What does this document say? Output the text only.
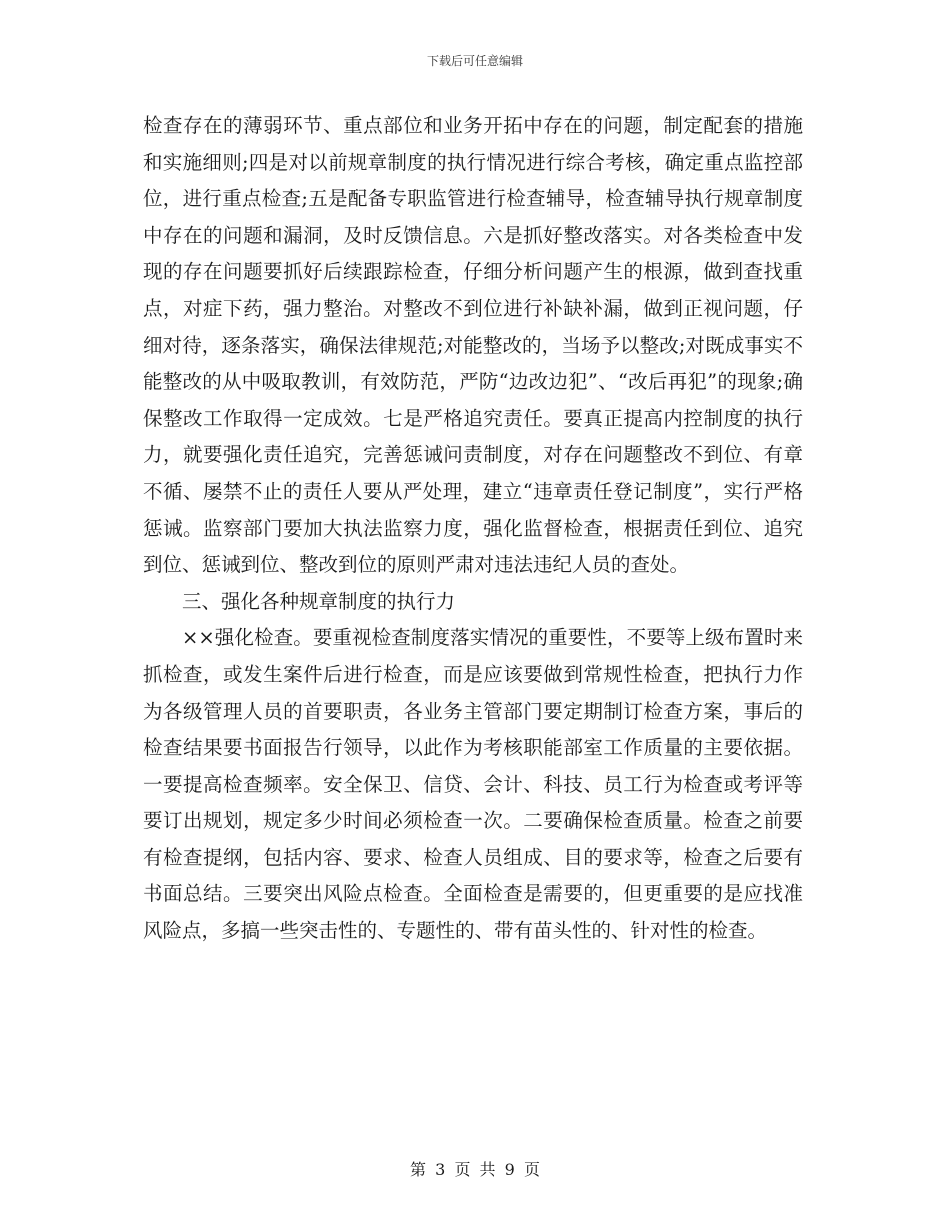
下载后可任意编辑

检查存在的薄弱环节、重点部位和业务开拓中存在的问题，制定配套的措施和实施细则;四是对以前规章制度的执行情况进行综合考核，确定重点监控部位，进行重点检查;五是配备专职监管进行检查辅导，检查辅导执行规章制度中存在的问题和漏洞，及时反馈信息。六是抓好整改落实。对各类检查中发现的存在问题要抓好后续跟踪检查，仔细分析问题产生的根源，做到查找重点，对症下药，强力整治。对整改不到位进行补缺补漏，做到正视问题，仔细对待，逐条落实，确保法律规范;对能整改的，当场予以整改;对既成事实不能整改的从中吸取教训，有效防范，严防“边改边犯”、“改后再犯”的现象;确保整改工作取得一定成效。七是严格追究责任。要真正提高内控制度的执行力，就要强化责任追究，完善惩诫问责制度，对存在问题整改不到位、有章不循、屡禁不止的责任人要从严处理，建立“违章责任登记制度”，实行严格惩诫。监察部门要加大执法监察力度，强化监督检查，根据责任到位、追究到位、惩诫到位、整改到位的原则严肃对违法违纪人员的查处。

三、强化各种规章制度的执行力

××强化检查。要重视检查制度落实情况的重要性，不要等上级布置时来抓检查，或发生案件后进行检查，而是应该要做到常规性检查，把执行力作为各级管理人员的首要职责，各业务主管部门要定期制订检查方案，事后的检查结果要书面报告行领导，以此作为考核职能部室工作质量的主要依据。一要提高检查频率。安全保卫、信贷、会计、科技、员工行为检查或考评等要订出规划，规定多少时间必须检查一次。二要确保检查质量。检查之前要有检查提纲，包括内容、要求、检查人员组成、目的要求等，检查之后要有书面总结。三要突出风险点检查。全面检查是需要的，但更重要的是应找准风险点，多搞一些突击性的、专题性的、带有苗头性的、针对性的检查。

第 3 页 共 9 页
